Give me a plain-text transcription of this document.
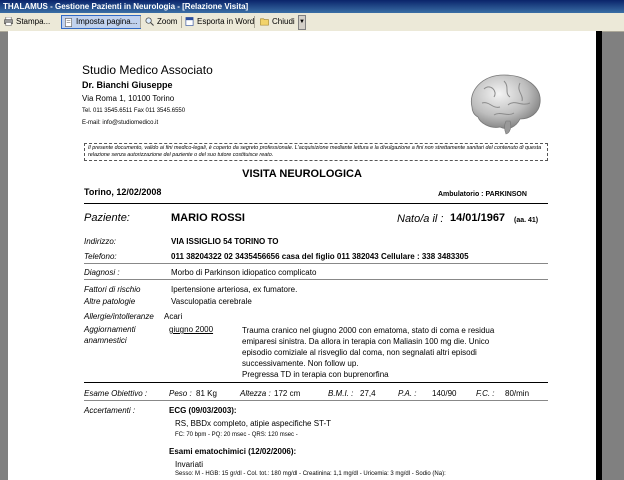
THALAMUS - Gestione Pazienti in Neurologia - [Relazione Visita]
Stampa...	Imposta pagina...	Zoom	Esporta in Word	Chiudi ▼
Studio Medico Associato
Dr. Bianchi Giuseppe
Via Roma 1, 10100 Torino
Tel. 011 3545.6511 Fax 011 3545.6550
E-mail: info@studiomedico.it
Il presente documento, valido ai fini medico-legali, è coperto da segreto professionale. L'acquisizione mediante lettura e la divulgazione a fini non strettamente sanitari del contenuto di questa relazione senza autorizzazione del paziente o del suo tutore costituisce reato.
VISITA NEUROLOGICA
Torino, 12/02/2008	Ambulatorio : PARKINSON
Paziente:	MARIO ROSSI	Nato/a il : 14/01/1967 (aa. 41)
Indirizzo:	VIA ISSIGLIO 54 TORINO TO
Telefono:	011 38204322 02 3435456656 casa del figlio 011 382043 Cellulare : 338 3483305
Diagnosi :	Morbo di Parkinson idiopatico complicato
Fattori di rischio	Ipertensione arteriosa, ex fumatore.
Altre patologie	Vasculopatia cerebrale
Allergie/intolleranze Acari
Aggiornamenti
anamnestici
giugno 2000	Trauma cranico nel giugno 2000 con ematoma, stato di coma e residua
emiparesi sinistra. Da allora in terapia con Maliasin 100 mg die. Unico
episodio comiziale al risveglio dal coma, non segnalati altri episodi
successivamente. Non follow up.
Pregressa TD in terapia con buprenorfina
Esame Obiettivo :	Peso : 81 Kg	Altezza : 172 cm	B.M.I. : 27,4	P.A. : 140/90 F.C. : 80/min
Accertamenti :	ECG (09/03/2003):
RS, BBDx completo, atipie aspecifiche ST-T
FC: 70 bpm - PQ: 20 msec - QRS: 120 msec -
Esami ematochimici (12/02/2006):
Invariati
Sesso: M - HGB: 15 gr/dl - Col. tot.: 180 mg/dl - Creatinina: 1,1 mg/dl - Uricemia: 3 mg/dl - Sodio (Na):
